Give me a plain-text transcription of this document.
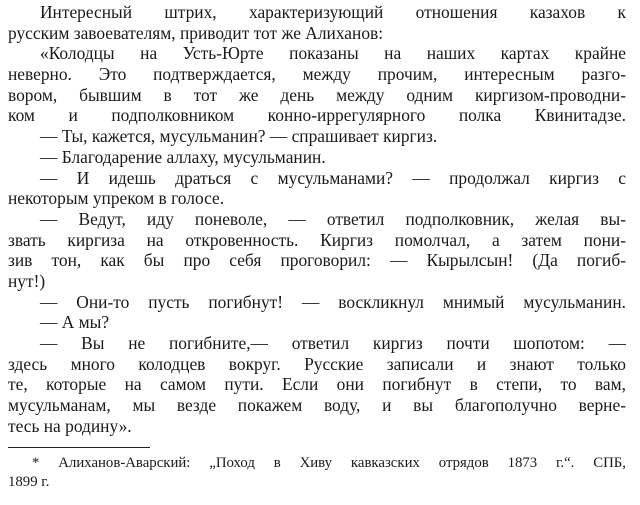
Интересный штрих, характеризующий отношения казахов к
русским завоевателям, приводит тот же Алиханов:
«Колодцы на Усть-Юрте показаны на наших картах крайне
неверно. Это подтверждается, между прочим, интересным разго-
вором, бывшим в тот же день между одним киргизом-проводни-
ком и подполковником конно-иррегулярного полка Квинитадзе.
— Ты, кажется, мусульманин? — спрашивает киргиз.
— Благодарение аллаху, мусульманин.
— И идешь драться с мусульманами? — продолжал киргиз с
некоторым упреком в голосе.
— Ведут, иду поневоле, — ответил подполковник, желая вы-
звать киргиза на откровенность. Киргиз помолчал, а затем пони-
зив тон, как бы про себя проговорил: — Кырылсын! (Да погиб-
нут!)
— Они-то пусть погибнут! — воскликнул мнимый мусульманин.
— А мы?
— Вы не погибните,— ответил киргиз почти шопотом: —
здесь много колодцев вокруг. Русские записали и знают только
те, которые на самом пути. Если они погибнут в степи, то вам,
мусульманам, мы везде покажем воду, и вы благополучно верне-
тесь на родину».
* Алиханов-Аварский: „Поход в Хиву кавказских отрядов 1873 г.“. СПБ,
1899 г.
